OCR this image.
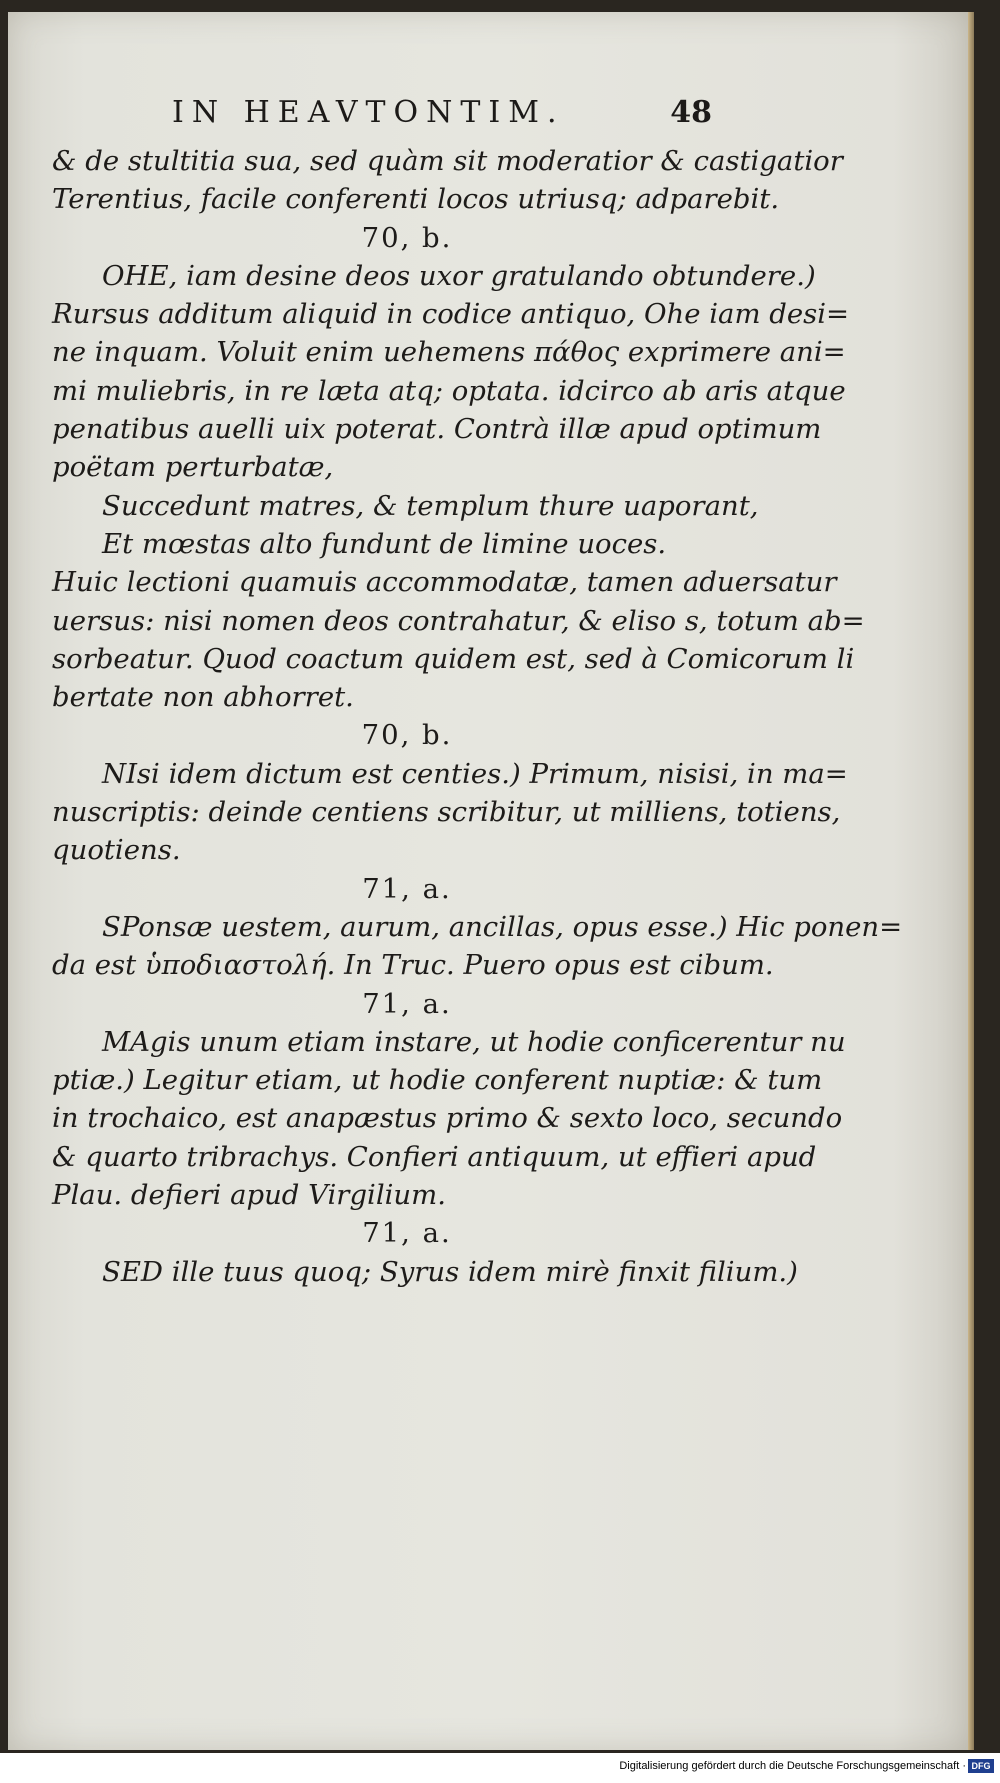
IN HEAVTONTIM.	48
& de stultitia sua, sed quàm sit moderatior & castigatior
Terentius, facile conferenti locos utriusq; adparebit.
70, b.
OHE, iam desine deos uxor gratulando obtundere.)
Rursus additum aliquid in codice antiquo, Ohe iam desi=
ne inquam. Voluit enim uehemens πάθος exprimere ani=
mi muliebris, in re læta atq; optata. idcirco ab aris atque
penatibus auelli uix poterat. Contrà illæ apud optimum
poëtam perturbatæ,
Succedunt matres, & templum thure uaporant,
Et mœstas alto fundunt de limine uoces.
Huic lectioni quamuis accommodatæ, tamen aduersatur
uersus: nisi nomen deos contrahatur, & eliso s, totum ab=
sorbeatur. Quod coactum quidem est, sed à Comicorum li
bertate non abhorret.
70, b.
NIsi idem dictum est centies.) Primum, nisisi, in ma=
nuscriptis: deinde centiens scribitur, ut milliens, totiens,
quotiens.
71, a.
SPonsæ uestem, aurum, ancillas, opus esse.) Hic ponen=
da est ὑποδιαστολή. In Truc. Puero opus est cibum.
71, a.
MAgis unum etiam instare, ut hodie conficerentur nu
ptiæ.) Legitur etiam, ut hodie conferent nuptiæ: & tum
in trochaico, est anapæstus primo & sexto loco, secundo
& quarto tribrachys. Confieri antiquum, ut effieri apud
Plau. defieri apud Virgilium.
71, a.
SED ille tuus quoq; Syrus idem mirè finxit filium.)
Digitalisierung gefördert durch die Deutsche Forschungsgemeinschaft · DFG
